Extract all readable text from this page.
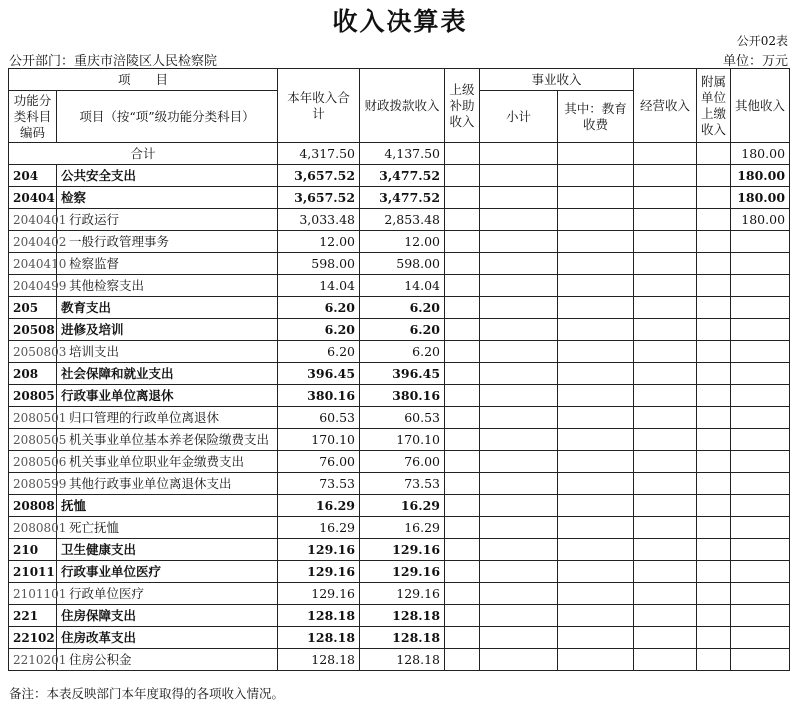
收入决算表
公开02表
公开部门：重庆市涪陵区人民检察院	单位：万元
项　　目		本年收入合计	财政拨款收入	上级补助收入	事业收入		经营收入	附属单位上缴收入	其他收入
功能分类科目编码	项目（按“项”级功能分类科目）				小计	其中：教育收费			

合计		4,317.50	4,137.50						180.00
204	公共安全支出	3,657.52	3,477.52						180.00
20404	检察	3,657.52	3,477.52						180.00
2040401	行政运行	3,033.48	2,853.48						180.00
2040402	一般行政管理事务	12.00	12.00						
2040410	检察监督	598.00	598.00						
2040499	其他检察支出	14.04	14.04						
205	教育支出	6.20	6.20						
20508	进修及培训	6.20	6.20						
2050803	培训支出	6.20	6.20						
208	社会保障和就业支出	396.45	396.45						
20805	行政事业单位离退休	380.16	380.16						
2080501	归口管理的行政单位离退休	60.53	60.53						
2080505	机关事业单位基本养老保险缴费支出	170.10	170.10						
2080506	机关事业单位职业年金缴费支出	76.00	76.00						
2080599	其他行政事业单位离退休支出	73.53	73.53						
20808	抚恤	16.29	16.29						
2080801	死亡抚恤	16.29	16.29						
210	卫生健康支出	129.16	129.16						
21011	行政事业单位医疗	129.16	129.16						
2101101	行政单位医疗	129.16	129.16						
221	住房保障支出	128.18	128.18						
22102	住房改革支出	128.18	128.18						
2210201	住房公积金	128.18	128.18						
备注：本表反映部门本年度取得的各项收入情况。
